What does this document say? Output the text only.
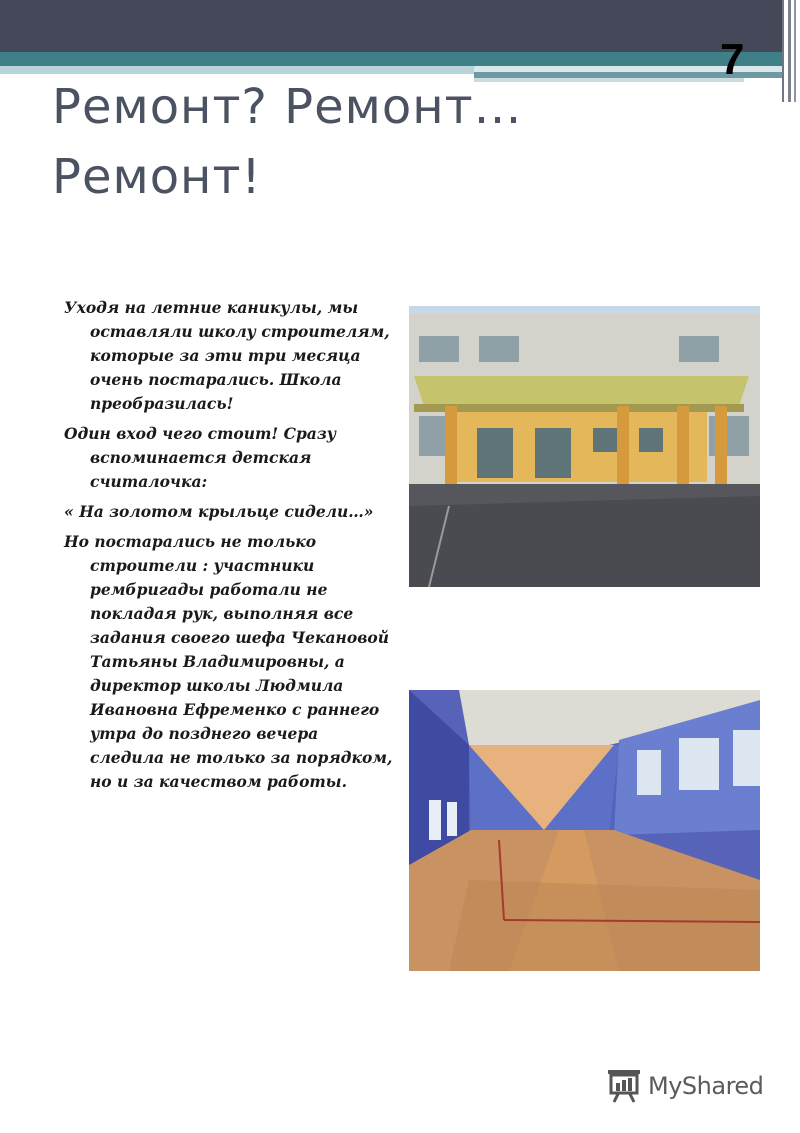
7
Ремонт? Ремонт…
Ремонт!

Уходя на летние каникулы, мы оставляли школу строителям, которые за эти три месяца очень постарались. Школа преобразилась!

Один вход чего стоит! Сразу вспоминается детская считалочка:

« На золотом крыльце сидели…»

Но постарались не только строители : участники рембригады работали не покладая рук, выполняя все задания своего шефа Чекановой Татьяны Владимировны, а директор школы Людмила Ивановна Ефременко с раннего утра до позднего вечера следила не только за порядком, но и за качеством работы.

MyShared
